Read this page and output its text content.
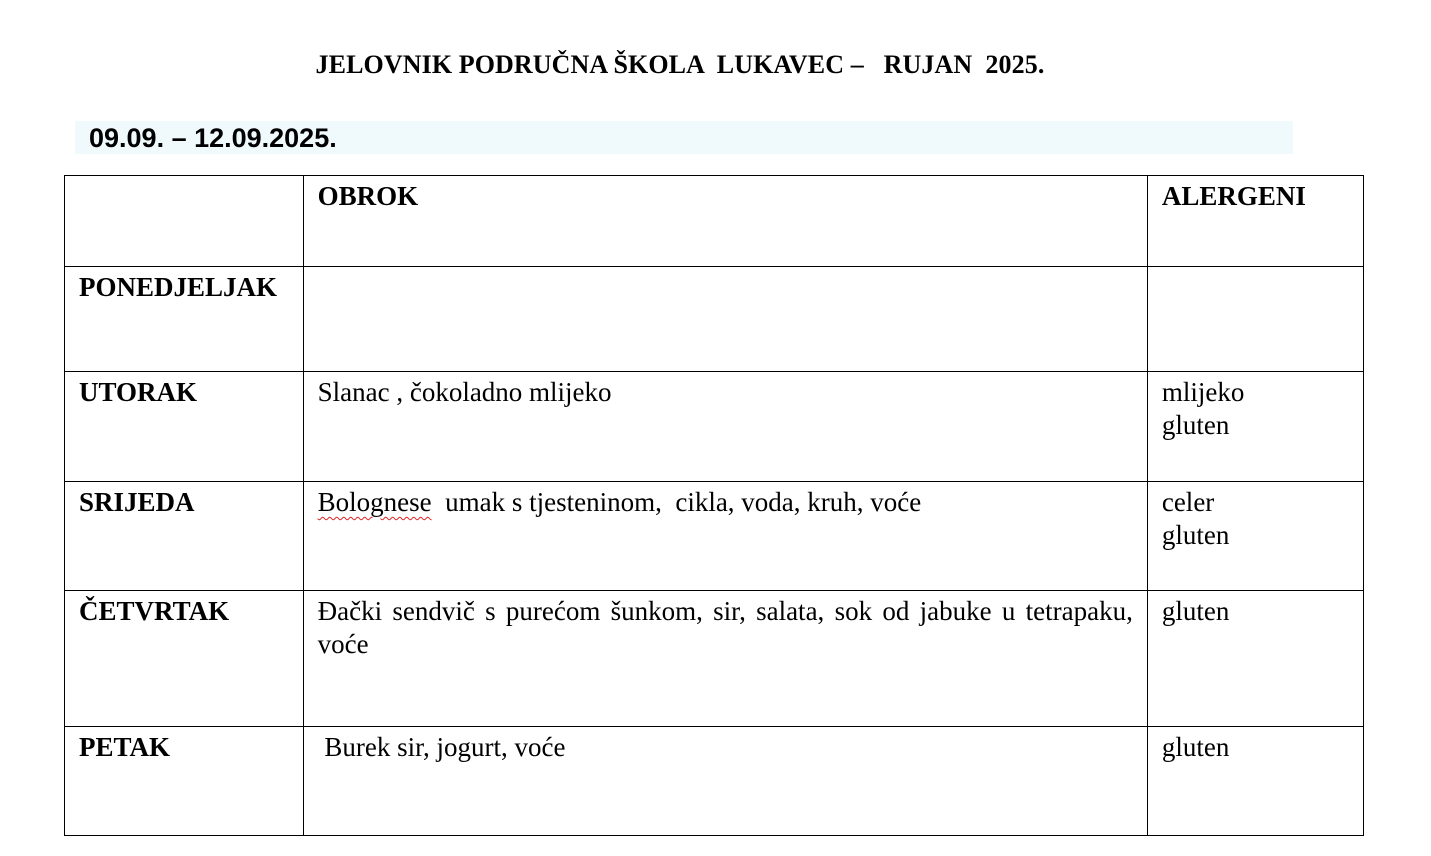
JELOVNIK PODRUČNA ŠKOLA  LUKAVEC –   RUJAN  2025.
09.09. – 12.09.2025.
	OBROK	ALERGENI
PONEDJELJAK		

UTORAK	Slanac , čokoladno mlijeko	mlijeko
gluten

SRIJEDA	Bolognese  umak s tjesteninom,  cikla, voda, kruh, voće	celer
gluten

ČETVRTAK	Đački sendvič s purećom šunkom, sir, salata, sok od jabuke u tetrapaku, voće	gluten

PETAK	Burek sir, jogurt, voće	gluten
